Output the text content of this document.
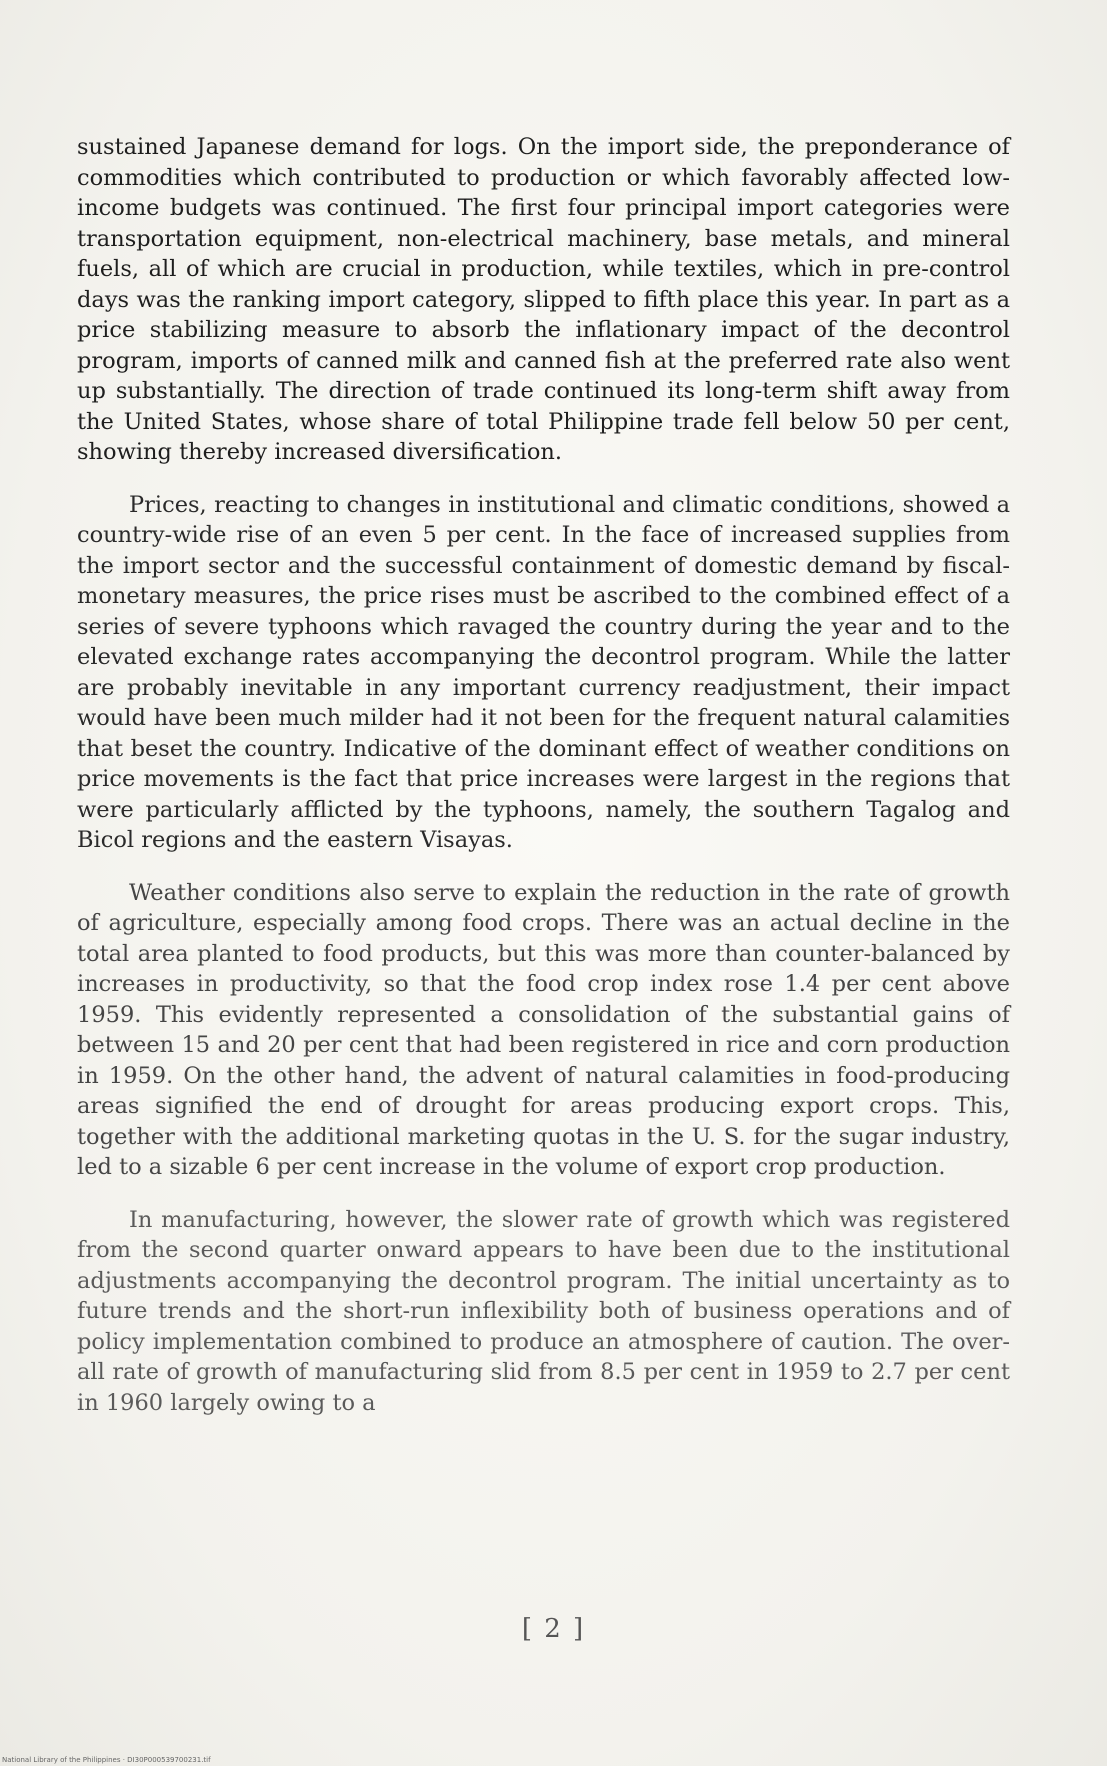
sustained Japanese demand for logs. On the import side, the preponderance of commodities which contributed to production or which favorably affected low-income budgets was continued. The first four principal import categories were transportation equipment, non-electrical machinery, base metals, and mineral fuels, all of which are crucial in production, while textiles, which in pre-control days was the ranking import category, slipped to fifth place this year. In part as a price stabilizing measure to absorb the inflationary impact of the decontrol program, imports of canned milk and canned fish at the preferred rate also went up substantially. The direction of trade continued its long-term shift away from the United States, whose share of total Philippine trade fell below 50 per cent, showing thereby increased diversification.

Prices, reacting to changes in institutional and climatic conditions, showed a country-wide rise of an even 5 per cent. In the face of increased supplies from the import sector and the successful containment of domestic demand by fiscal-monetary measures, the price rises must be ascribed to the combined effect of a series of severe typhoons which ravaged the country during the year and to the elevated exchange rates accompanying the decontrol program. While the latter are probably inevitable in any important currency readjustment, their impact would have been much milder had it not been for the frequent natural calamities that beset the country. Indicative of the dominant effect of weather conditions on price movements is the fact that price increases were largest in the regions that were particularly afflicted by the typhoons, namely, the southern Tagalog and Bicol regions and the eastern Visayas.

Weather conditions also serve to explain the reduction in the rate of growth of agriculture, especially among food crops. There was an actual decline in the total area planted to food products, but this was more than counter-balanced by increases in productivity, so that the food crop index rose 1.4 per cent above 1959. This evidently represented a consolidation of the substantial gains of between 15 and 20 per cent that had been registered in rice and corn production in 1959. On the other hand, the advent of natural calamities in food-producing areas signified the end of drought for areas producing export crops. This, together with the additional marketing quotas in the U. S. for the sugar industry, led to a sizable 6 per cent increase in the volume of export crop production.

In manufacturing, however, the slower rate of growth which was registered from the second quarter onward appears to have been due to the institutional adjustments accompanying the decontrol program. The initial uncertainty as to future trends and the short-run inflexibility both of business operations and of policy implementation combined to produce an atmosphere of caution. The over-all rate of growth of manufacturing slid from 8.5 per cent in 1959 to 2.7 per cent in 1960 largely owing to a

[ 2 ]
National Library of the Philippines · DI30P000539700231.tif
